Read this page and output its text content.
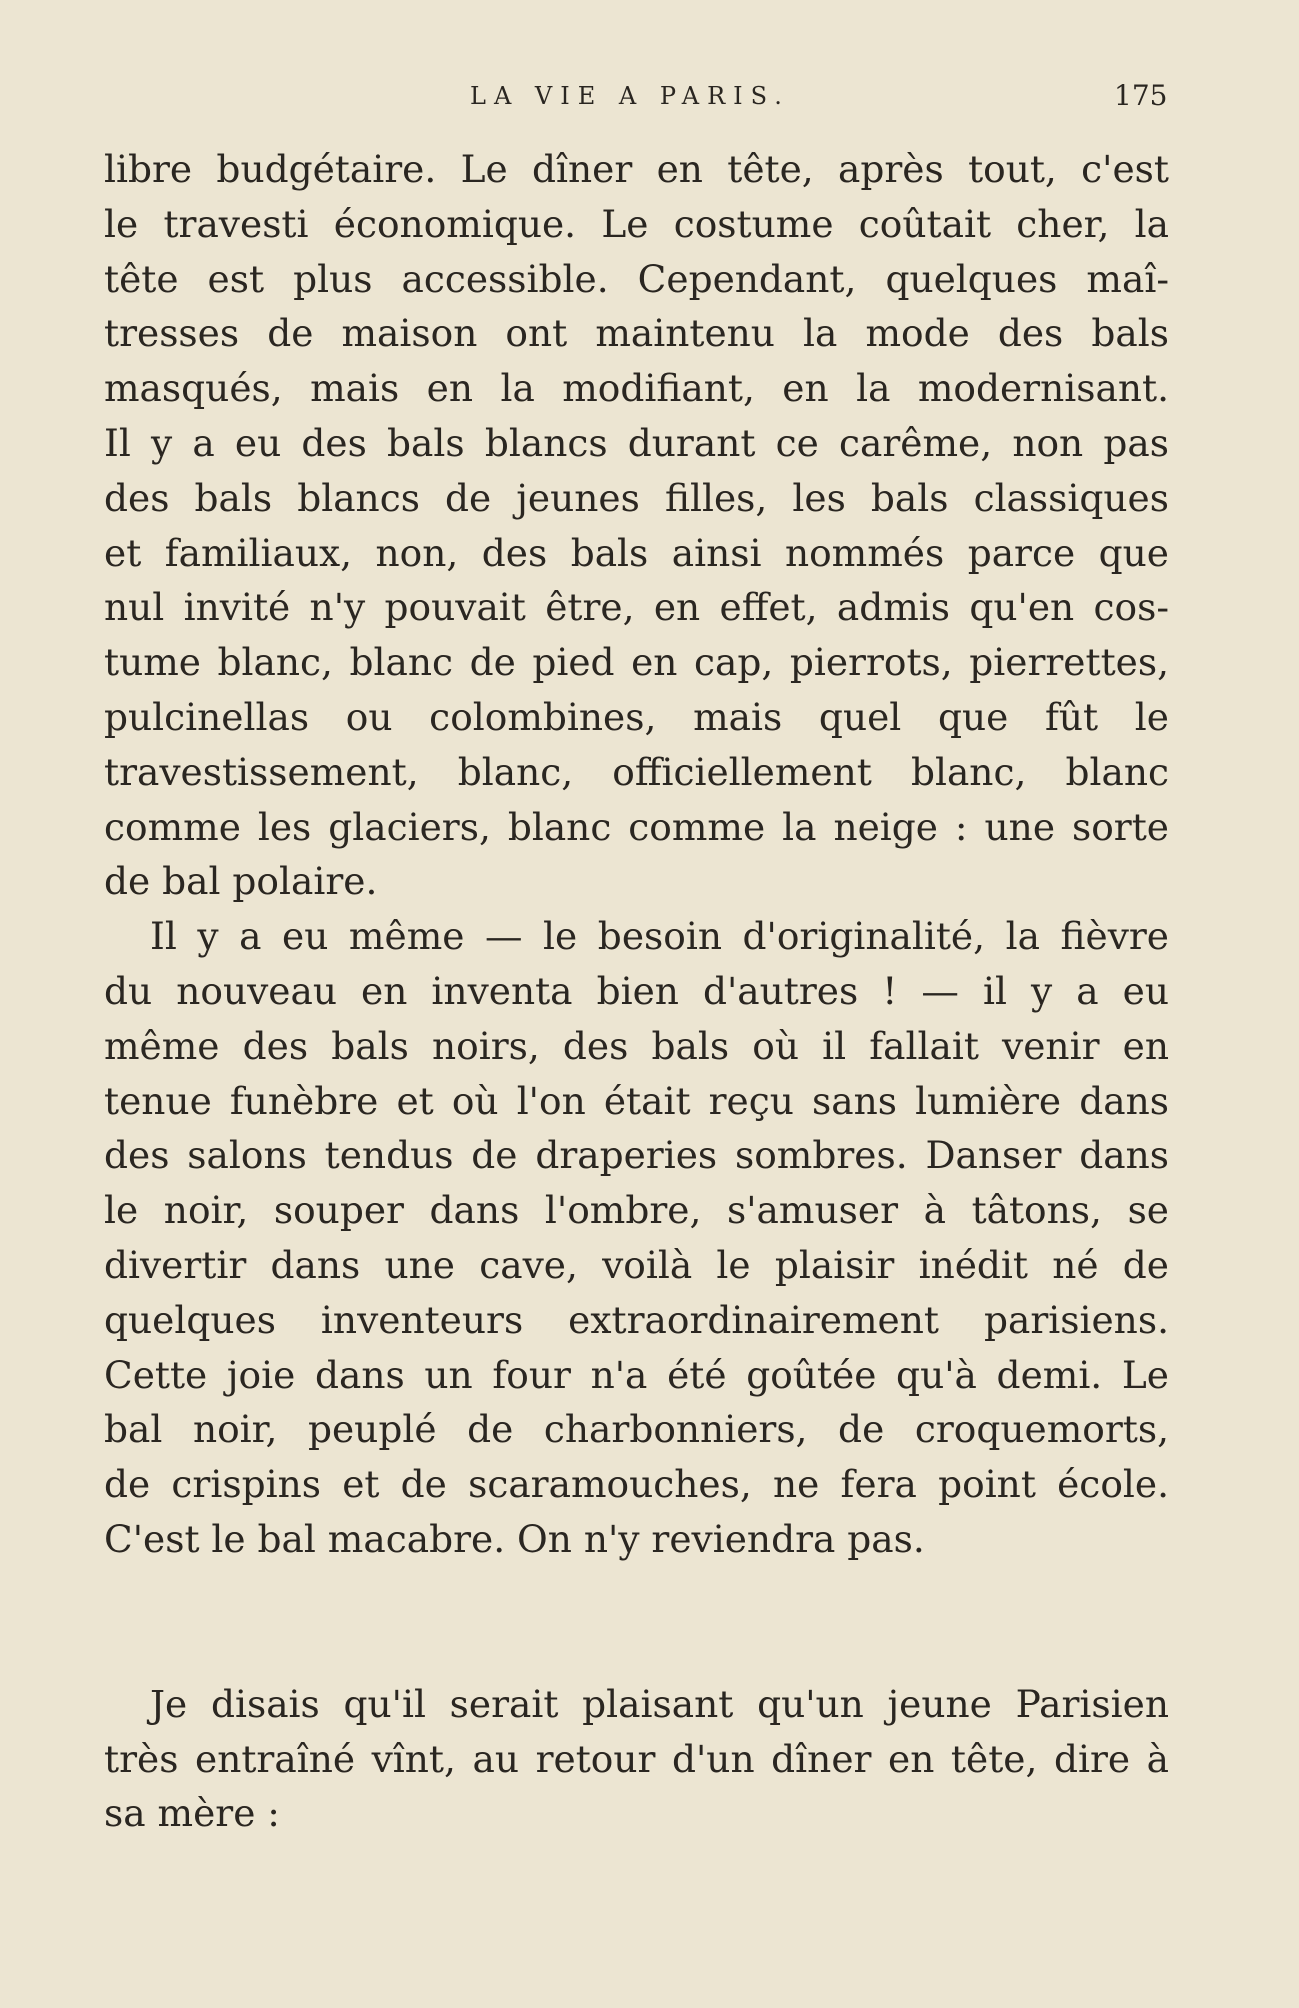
LA VIE A PARIS.	175
libre budgétaire. Le dîner en tête, après tout, c'est
le travesti économique. Le costume coûtait cher, la
tête est plus accessible. Cependant, quelques maî-
tresses de maison ont maintenu la mode des bals
masqués, mais en la modifiant, en la modernisant.
Il y a eu des bals blancs durant ce carême, non pas
des bals blancs de jeunes filles, les bals classiques
et familiaux, non, des bals ainsi nommés parce que
nul invité n'y pouvait être, en effet, admis qu'en cos-
tume blanc, blanc de pied en cap, pierrots, pierrettes,
pulcinellas ou colombines, mais quel que fût le
travestissement, blanc, officiellement blanc, blanc
comme les glaciers, blanc comme la neige : une sorte
de bal polaire.
Il y a eu même — le besoin d'originalité, la fièvre
du nouveau en inventa bien d'autres ! — il y a eu
même des bals noirs, des bals où il fallait venir en
tenue funèbre et où l'on était reçu sans lumière dans
des salons tendus de draperies sombres. Danser dans
le noir, souper dans l'ombre, s'amuser à tâtons, se
divertir dans une cave, voilà le plaisir inédit né de
quelques inventeurs extraordinairement parisiens.
Cette joie dans un four n'a été goûtée qu'à demi. Le
bal noir, peuplé de charbonniers, de croquemorts,
de crispins et de scaramouches, ne fera point école.
C'est le bal macabre. On n'y reviendra pas.
Je disais qu'il serait plaisant qu'un jeune Parisien
très entraîné vînt, au retour d'un dîner en tête, dire à
sa mère :
